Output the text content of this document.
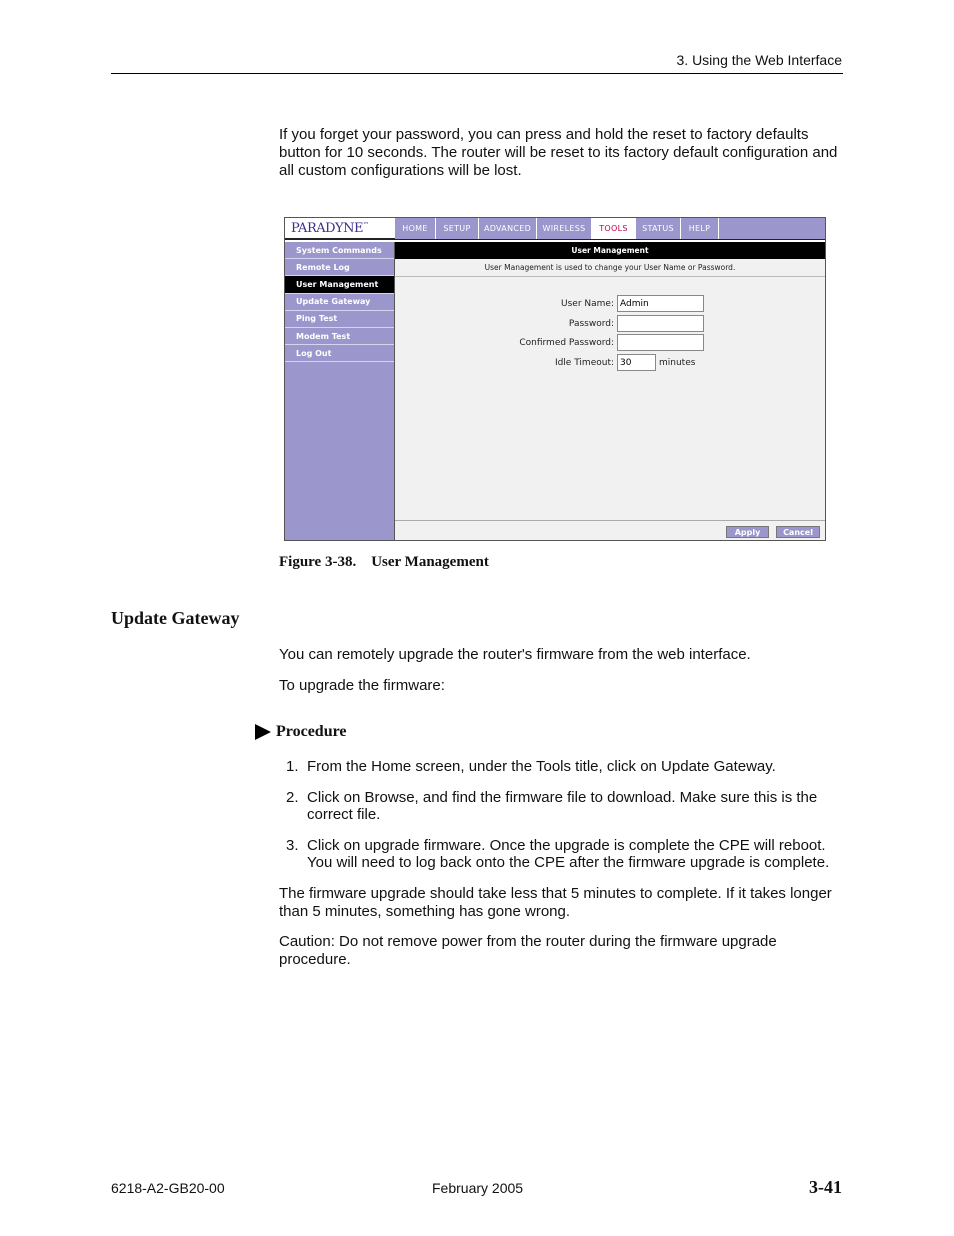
3. Using the Web Interface

If you forget your password, you can press and hold the reset to factory defaults button for 10 seconds. The router will be reset to its factory default configuration and all custom configurations will be lost.

PARADYNE™	HOME	SETUP	ADVANCED	WIRELESS	TOOLS	STATUS	HELP
System Commands
Remote Log
User Management
Update Gateway
Ping Test
Modem Test
Log Out
User Management
User Management is used to change your User Name or Password.
User Name:
Admin
Password:
Confirmed Password:
Idle Timeout:
30	minutes
Apply	Cancel
Figure 3-38.    User Management
Update Gateway

You can remotely upgrade the router's firmware from the web interface.

To upgrade the firmware:

Procedure
1. From the Home screen, under the Tools title, click on Update Gateway.
2. Click on Browse, and find the firmware file to download. Make sure this is the correct file.
3. Click on upgrade firmware. Once the upgrade is complete the CPE will reboot. You will need to log back onto the CPE after the firmware upgrade is complete.

The firmware upgrade should take less that 5 minutes to complete. If it takes longer than 5 minutes, something has gone wrong.

Caution: Do not remove power from the router during the firmware upgrade procedure.

6218-A2-GB20-00	February 2005	3-41
